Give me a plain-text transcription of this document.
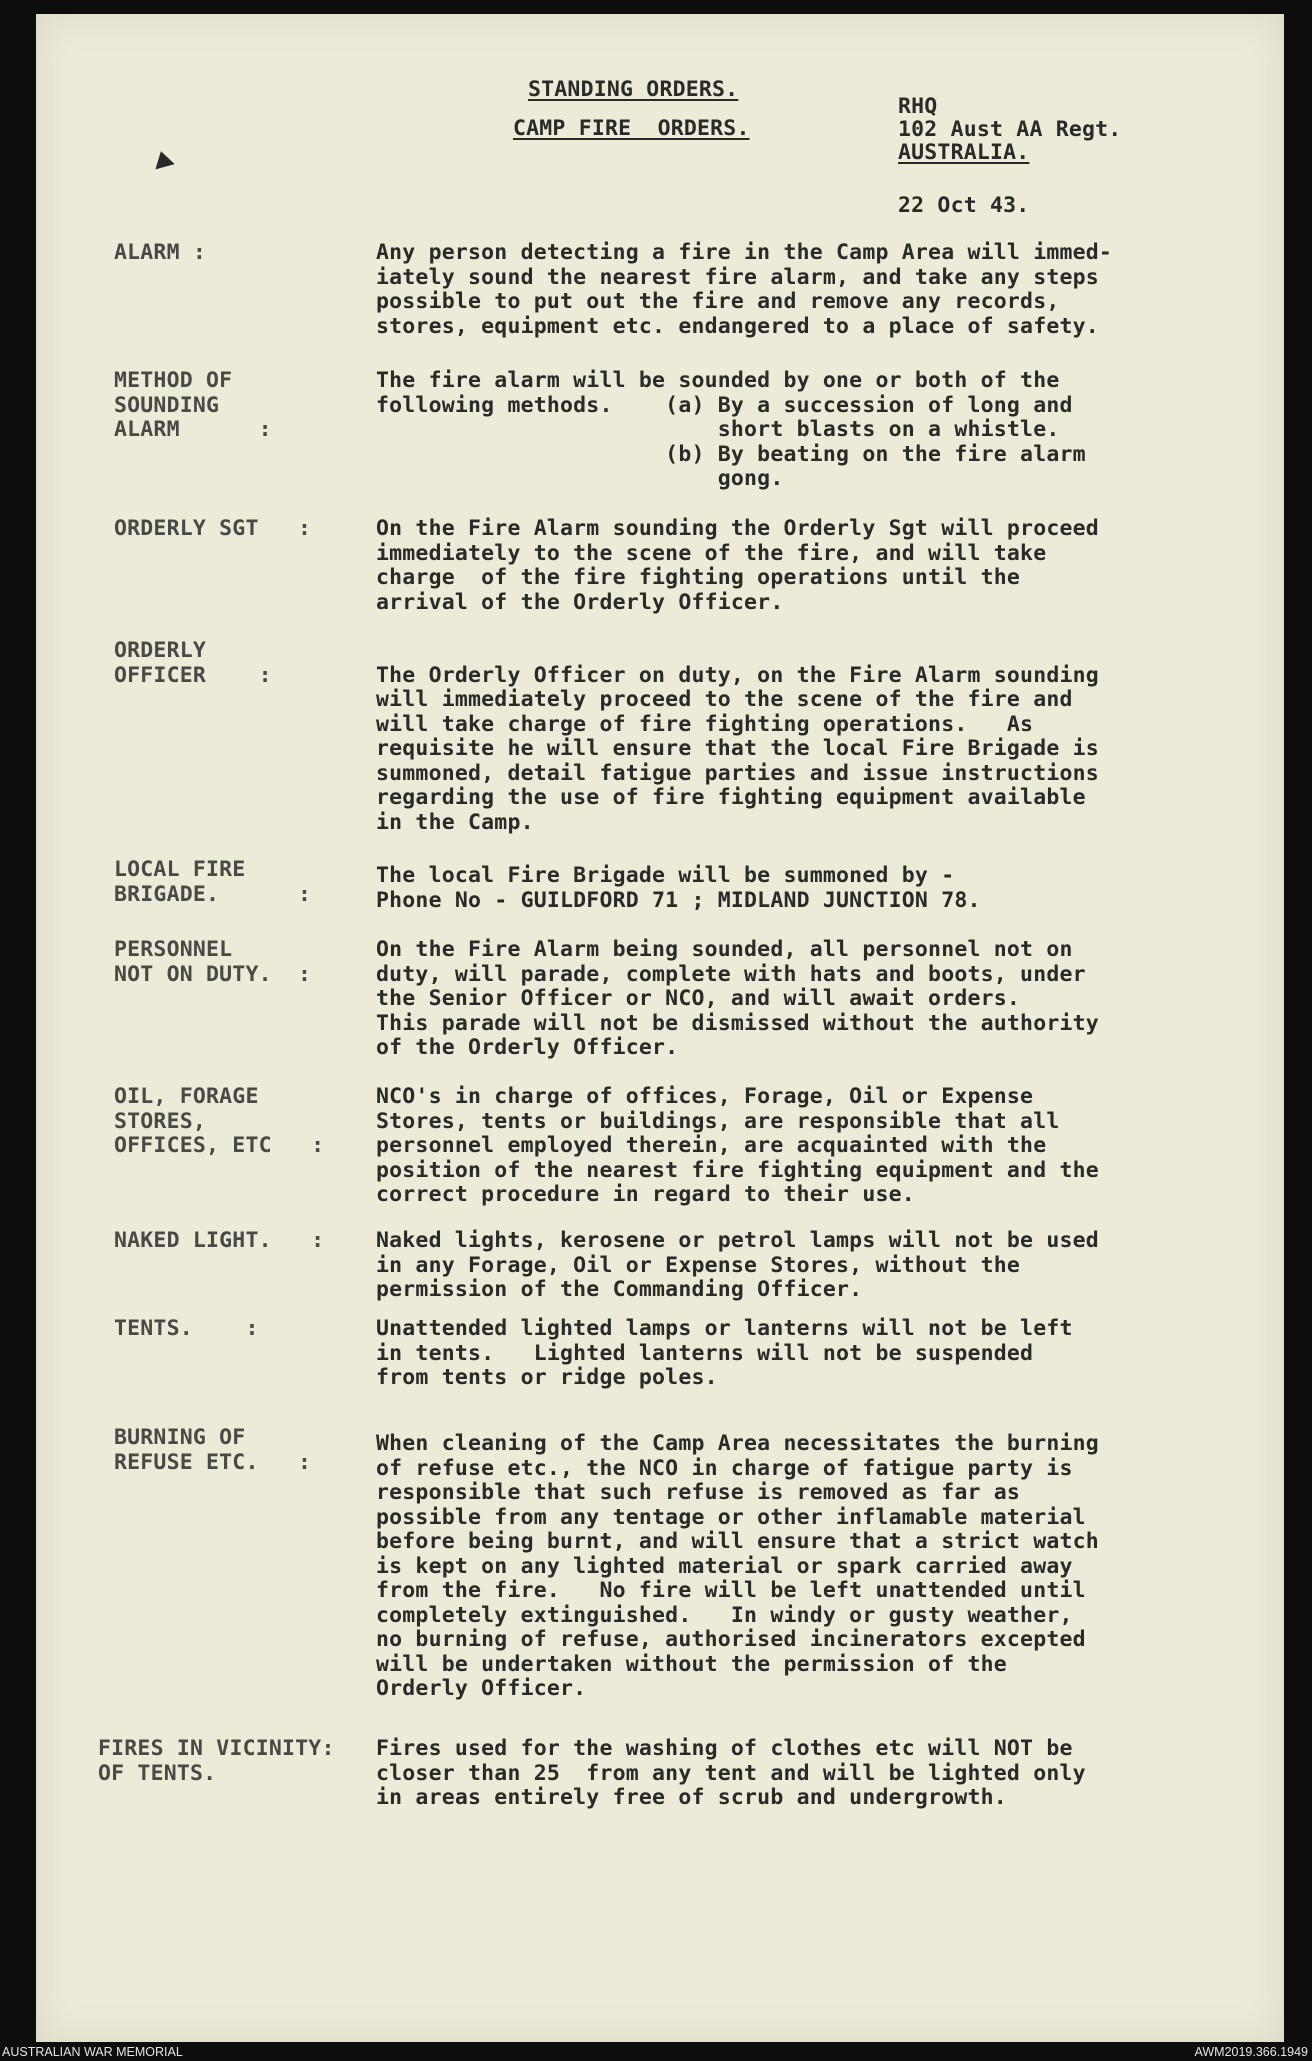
STANDING ORDERS.
CAMP FIRE  ORDERS.
RHQ
102 Aust AA Regt.
AUSTRALIA.
22 Oct 43.
ALARM :	Any person detecting a fire in the Camp Area will immed-
iately sound the nearest fire alarm, and take any steps
possible to put out the fire and remove any records,
stores, equipment etc. endangered to a place of safety.
METHOD OF
SOUNDING
ALARM      :
The fire alarm will be sounded by one or both of the
following methods.    (a) By a succession of long and
short blasts on a whistle.
(b) By beating on the fire alarm
gong.
ORDERLY SGT   :	On the Fire Alarm sounding the Orderly Sgt will proceed
immediately to the scene of the fire, and will take
charge  of the fire fighting operations until the
arrival of the Orderly Officer.
ORDERLY
OFFICER    :	
The Orderly Officer on duty, on the Fire Alarm sounding
will immediately proceed to the scene of the fire and
will take charge of fire fighting operations.   As
requisite he will ensure that the local Fire Brigade is
summoned, detail fatigue parties and issue instructions
regarding the use of fire fighting equipment available
in the Camp.
LOCAL FIRE
BRIGADE.      :
The local Fire Brigade will be summoned by -
Phone No - GUILDFORD 71 ; MIDLAND JUNCTION 78.
PERSONNEL
NOT ON DUTY.  :
On the Fire Alarm being sounded, all personnel not on
duty, will parade, complete with hats and boots, under
the Senior Officer or NCO, and will await orders.
This parade will not be dismissed without the authority
of the Orderly Officer.
OIL, FORAGE
STORES,
OFFICES, ETC   :
NCO's in charge of offices, Forage, Oil or Expense
Stores, tents or buildings, are responsible that all
personnel employed therein, are acquainted with the
position of the nearest fire fighting equipment and the
correct procedure in regard to their use.
NAKED LIGHT.   : Naked lights, kerosene or petrol lamps will not be used
in any Forage, Oil or Expense Stores, without the
permission of the Commanding Officer.
TENTS.    :	Unattended lighted lamps or lanterns will not be left
in tents.   Lighted lanterns will not be suspended
from tents or ridge poles.
BURNING OF
REFUSE ETC.   :
When cleaning of the Camp Area necessitates the burning
of refuse etc., the NCO in charge of fatigue party is
responsible that such refuse is removed as far as
possible from any tentage or other inflamable material
before being burnt, and will ensure that a strict watch
is kept on any lighted material or spark carried away
from the fire.   No fire will be left unattended until
completely extinguished.   In windy or gusty weather,
no burning of refuse, authorised incinerators excepted
will be undertaken without the permission of the
Orderly Officer.
FIRES IN VICINITY:
OF TENTS.
Fires used for the washing of clothes etc will NOT be
closer than 25  from any tent and will be lighted only
in areas entirely free of scrub and undergrowth.
AUSTRALIAN WAR MEMORIAL	AWM2019.366.1949
